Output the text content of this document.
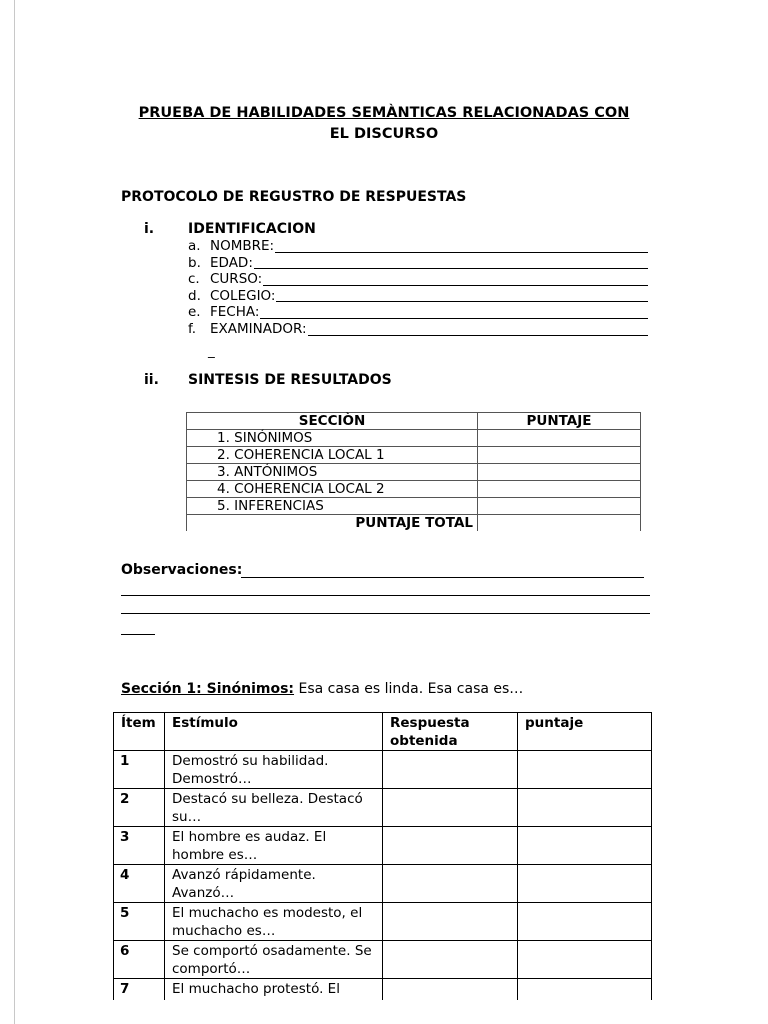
PRUEBA DE HABILIDADES SEMÀNTICAS RELACIONADAS CON
EL DISCURSO
PROTOCOLO DE REGUSTRO DE RESPUESTAS
i. IDENTIFICACION
a. NOMBRE:
b. EDAD:
c. CURSO:
d. COLEGIO:
e. FECHA:
f.	EXAMINADOR:
_
ii. SINTESIS DE RESULTADOS
SECCIÒN	PUNTAJE
1. SINÓNIMOS	
2. COHERENCIA LOCAL 1	
3. ANTÓNIMOS	
4. COHERENCIA LOCAL 2	
5. INFERENCIAS	
PUNTAJE TOTAL	
Observaciones:
Sección 1: Sinónimos: Esa casa es linda. Esa casa es…
Ítem	Estímulo	Respuesta obtenida	puntaje
1	Demostró su habilidad. Demostró…		
2	Destacó su belleza. Destacó su…		
3	El hombre es audaz. El hombre es…		
4	Avanzó rápidamente. Avanzó…		
5	El muchacho es modesto, el muchacho es…		
6	Se comportó osadamente. Se comportó…		
7	El muchacho protestó. El		
